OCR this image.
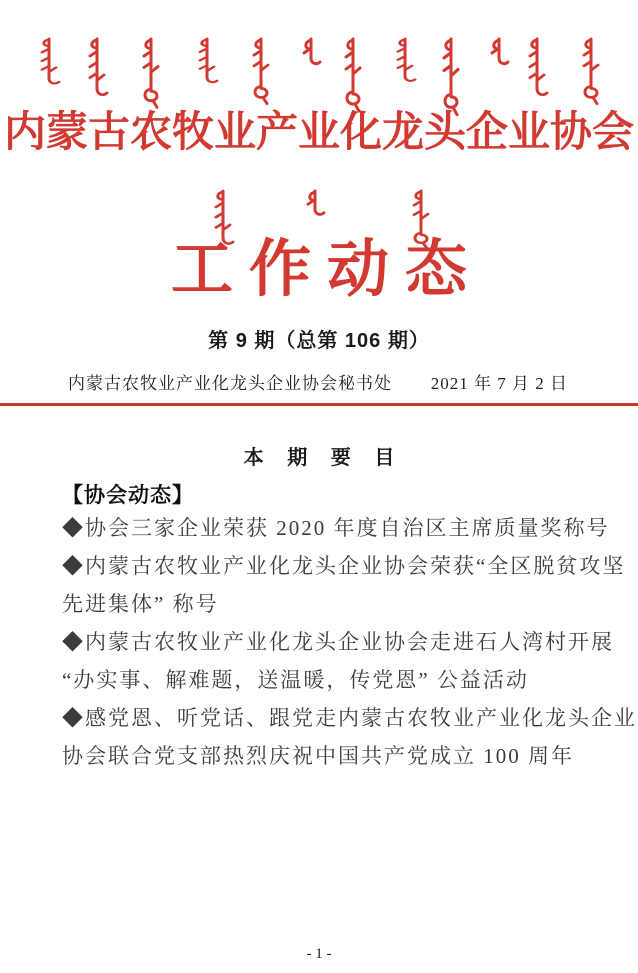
内蒙古农牧业产业化龙头企业协会
工作动态
第 9 期（总第 106 期）
内蒙古农牧业产业化龙头企业协会秘书处 2021 年 7 月 2 日
本 期 要 目
【协会动态】
◆协会三家企业荣获 2020 年度自治区主席质量奖称号
◆内蒙古农牧业产业化龙头企业协会荣获“全区脱贫攻坚
先进集体” 称号
◆内蒙古农牧业产业化龙头企业协会走进石人湾村开展
“办实事、解难题，送温暖，传党恩” 公益活动
◆感党恩、听党话、跟党走内蒙古农牧业产业化龙头企业
协会联合党支部热烈庆祝中国共产党成立 100 周年
- 1 -
